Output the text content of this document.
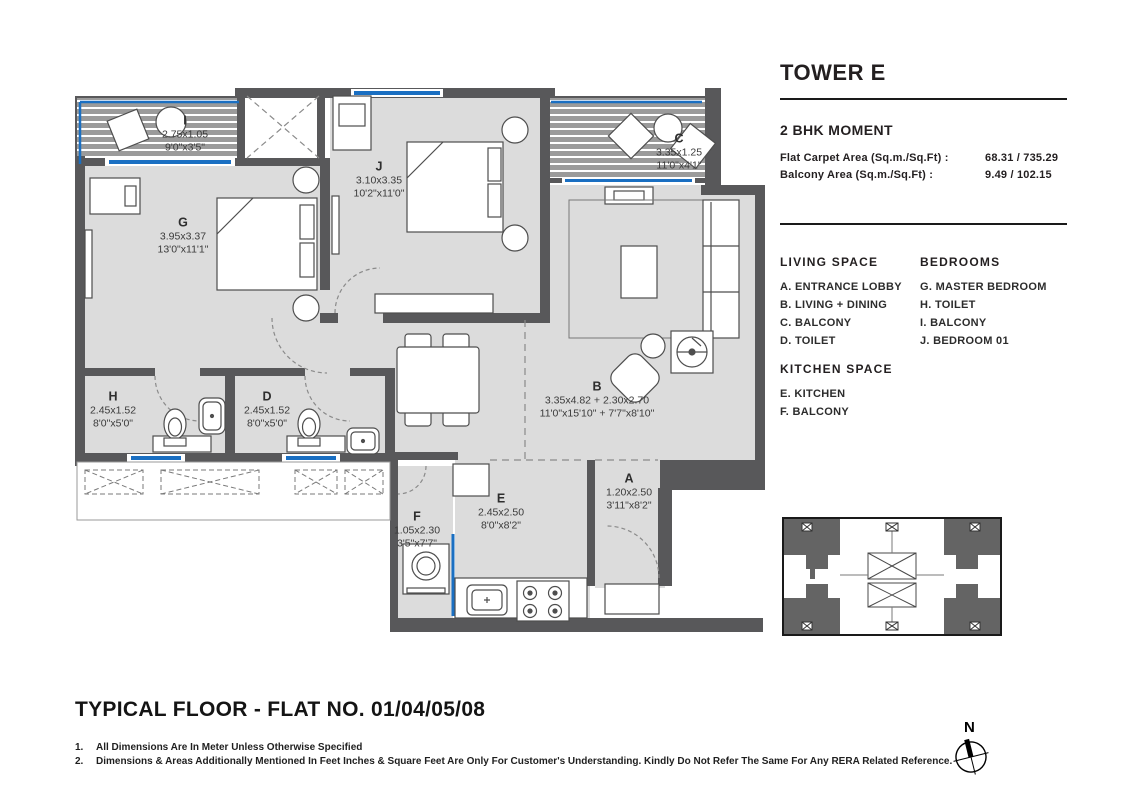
A
1.20x2.50
3'11"x8'2"
B
3.35x4.82 + 2.30x2.70
11'0"x15'10" + 7'7"x8'10"
C
3.35x1.25
11'0"x4'1"
D
2.45x1.52
8'0"x5'0"
E
2.45x2.50
8'0"x8'2"
F
1.05x2.30
3'5"x7'7"
G
3.95x3.37
13'0"x11'1"
H
2.45x1.52
8'0"x5'0"
I
2.75x1.05
9'0"x3'5"
J
3.10x3.35
10'2"x11'0"
TOWER E
2 BHK MOMENT
Flat Carpet Area (Sq.m./Sq.Ft) :	68.31 / 735.29
Balcony Area (Sq.m./Sq.Ft) :	9.49 / 102.15
LIVING SPACE
A. ENTRANCE LOBBY
B. LIVING + DINING
C. BALCONY
D. TOILET
BEDROOMS
G. MASTER BEDROOM
H. TOILET
I. BALCONY
J. BEDROOM 01
KITCHEN SPACE
E. KITCHEN
F. BALCONY
TYPICAL FLOOR - FLAT NO. 01/04/05/08
1.	All Dimensions Are In Meter Unless Otherwise Specified
2.	Dimensions & Areas Additionally Mentioned In Feet Inches & Square Feet Are Only For Customer's Understanding. Kindly Do Not Refer The Same For Any RERA Related Reference.
N
